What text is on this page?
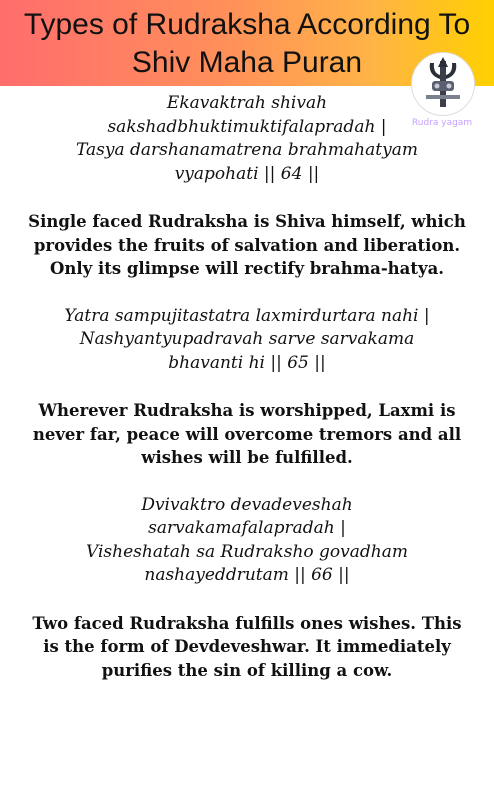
Types of Rudraksha According To
Shiv Maha Puran
Rudra yagam
Ekavaktrah shivah
sakshadbhuktimuktifalapradah |
Tasya darshanamatrena brahmahatyam
vyapohati || 64 ||
Single faced Rudraksha is Shiva himself, which
provides the fruits of salvation and liberation.
Only its glimpse will rectify brahma-hatya.
Yatra sampujitastatra laxmirdurtara nahi |
Nashyantyupadravah sarve sarvakama
bhavanti hi || 65 ||
Wherever Rudraksha is worshipped, Laxmi is
never far, peace will overcome tremors and all
wishes will be fulfilled.
Dvivaktro devadeveshah
sarvakamafalapradah |
Visheshatah sa Rudraksho govadham
nashayeddrutam || 66 ||
Two faced Rudraksha fulfills ones wishes. This
is the form of Devdeveshwar. It immediately
purifies the sin of killing a cow.
